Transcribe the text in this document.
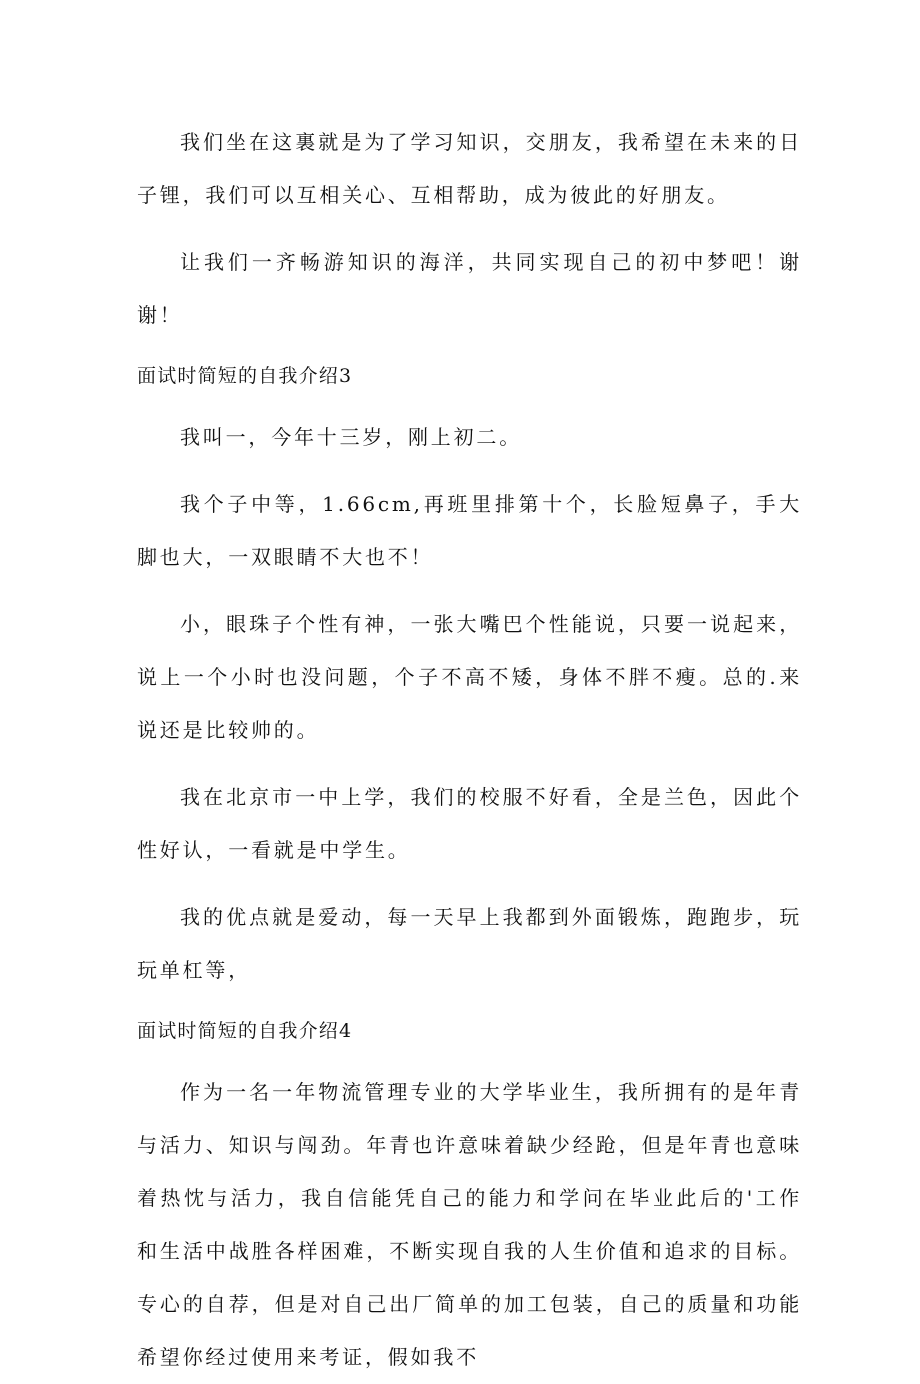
我们坐在这裏就是为了学习知识，交朋友，我希望在未来的日子锂，我们可以互相关心、互相帮助，成为彼此的好朋友。

让我们一齐畅游知识的海洋，共同实现自己的初中梦吧！谢谢！

面试时简短的自我介绍3

我叫一，今年十三岁，刚上初二。

我个子中等，1.66cm,再班里排第十个，长脸短鼻子，手大脚也大，一双眼睛不大也不！

小，眼珠子个性有神，一张大嘴巴个性能说，只要一说起来，说上一个小时也没问题，个子不高不矮，身体不胖不瘦。总的.来说还是比较帅的。

我在北京市一中上学，我们的校服不好看，全是兰色，因此个性好认，一看就是中学生。

我的优点就是爱动，每一天早上我都到外面锻炼，跑跑步，玩玩单杠等，

面试时简短的自我介绍4

作为一名一年物流管理专业的大学毕业生，我所拥有的是年青与活力、知识与闯劲。年青也许意味着缺少经跄，但是年青也意味着热忱与活力，我自信能凭自己的能力和学问在毕业此后的'工作和生活中战胜各样困难，不断实现自我的人生价值和追求的目标。专心的自荐，但是对自己出厂简单的加工包装，自己的质量和功能希望你经过使用来考证，假如我不
